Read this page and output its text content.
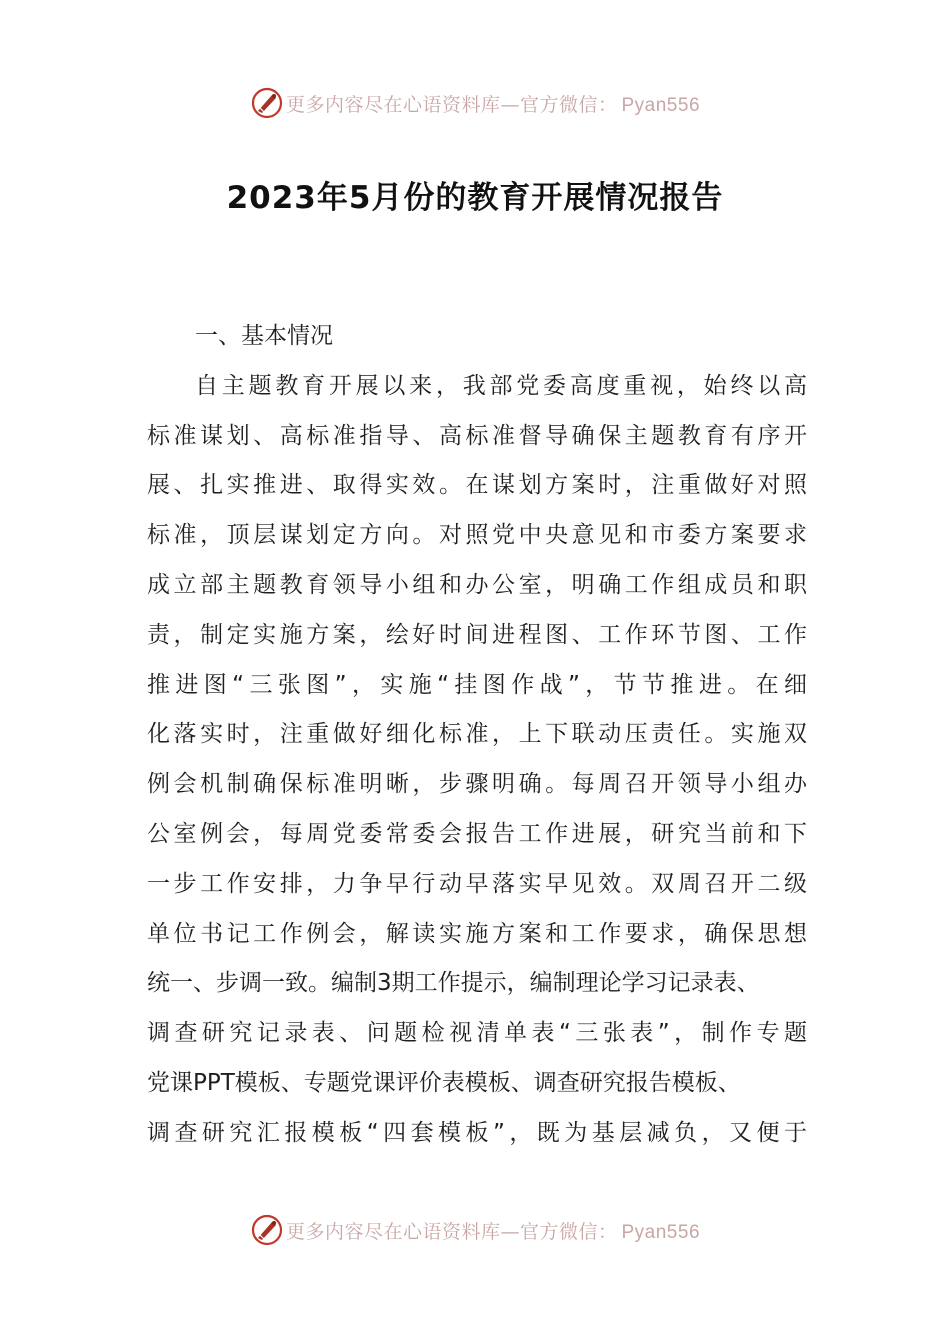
更多内容尽在心语资料库—官方微信： Pyan556
2023年5月份的教育开展情况报告
一、基本情况
自主题教育开展以来，我部党委高度重视，始终以高
标准谋划、高标准指导、高标准督导确保主题教育有序开
展、扎实推进、取得实效。在谋划方案时，注重做好对照
标准，顶层谋划定方向。对照党中央意见和市委方案要求
成立部主题教育领导小组和办公室，明确工作组成员和职
责，制定实施方案，绘好时间进程图、工作环节图、工作
推进图“三张图”，实施“挂图作战”，节节推进。在细
化落实时，注重做好细化标准，上下联动压责任。实施双
例会机制确保标准明晰，步骤明确。每周召开领导小组办
公室例会，每周党委常委会报告工作进展，研究当前和下
一步工作安排，力争早行动早落实早见效。双周召开二级
单位书记工作例会，解读实施方案和工作要求，确保思想
统一、步调一致。编制3期工作提示，编制理论学习记录表、
调查研究记录表、问题检视清单表“三张表”，制作专题
党课PPT模板、专题党课评价表模板、调查研究报告模板、
调查研究汇报模板“四套模板”，既为基层减负，又便于
更多内容尽在心语资料库—官方微信： Pyan556
